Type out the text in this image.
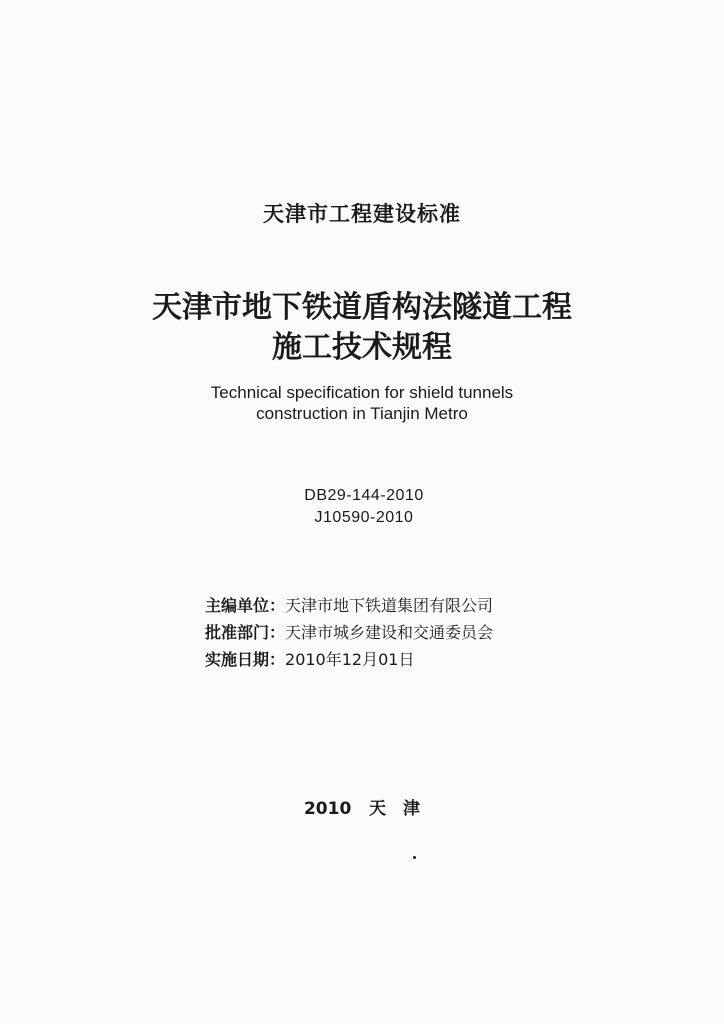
天津市工程建设标准
天津市地下铁道盾构法隧道工程
施工技术规程
Technical specification for shield tunnels
construction in Tianjin Metro
DB29-144-2010
J10590-2010
主编单位：天津市地下铁道集团有限公司
批准部门：天津市城乡建设和交通委员会
实施日期：2010年12月01日
2010 天　津
